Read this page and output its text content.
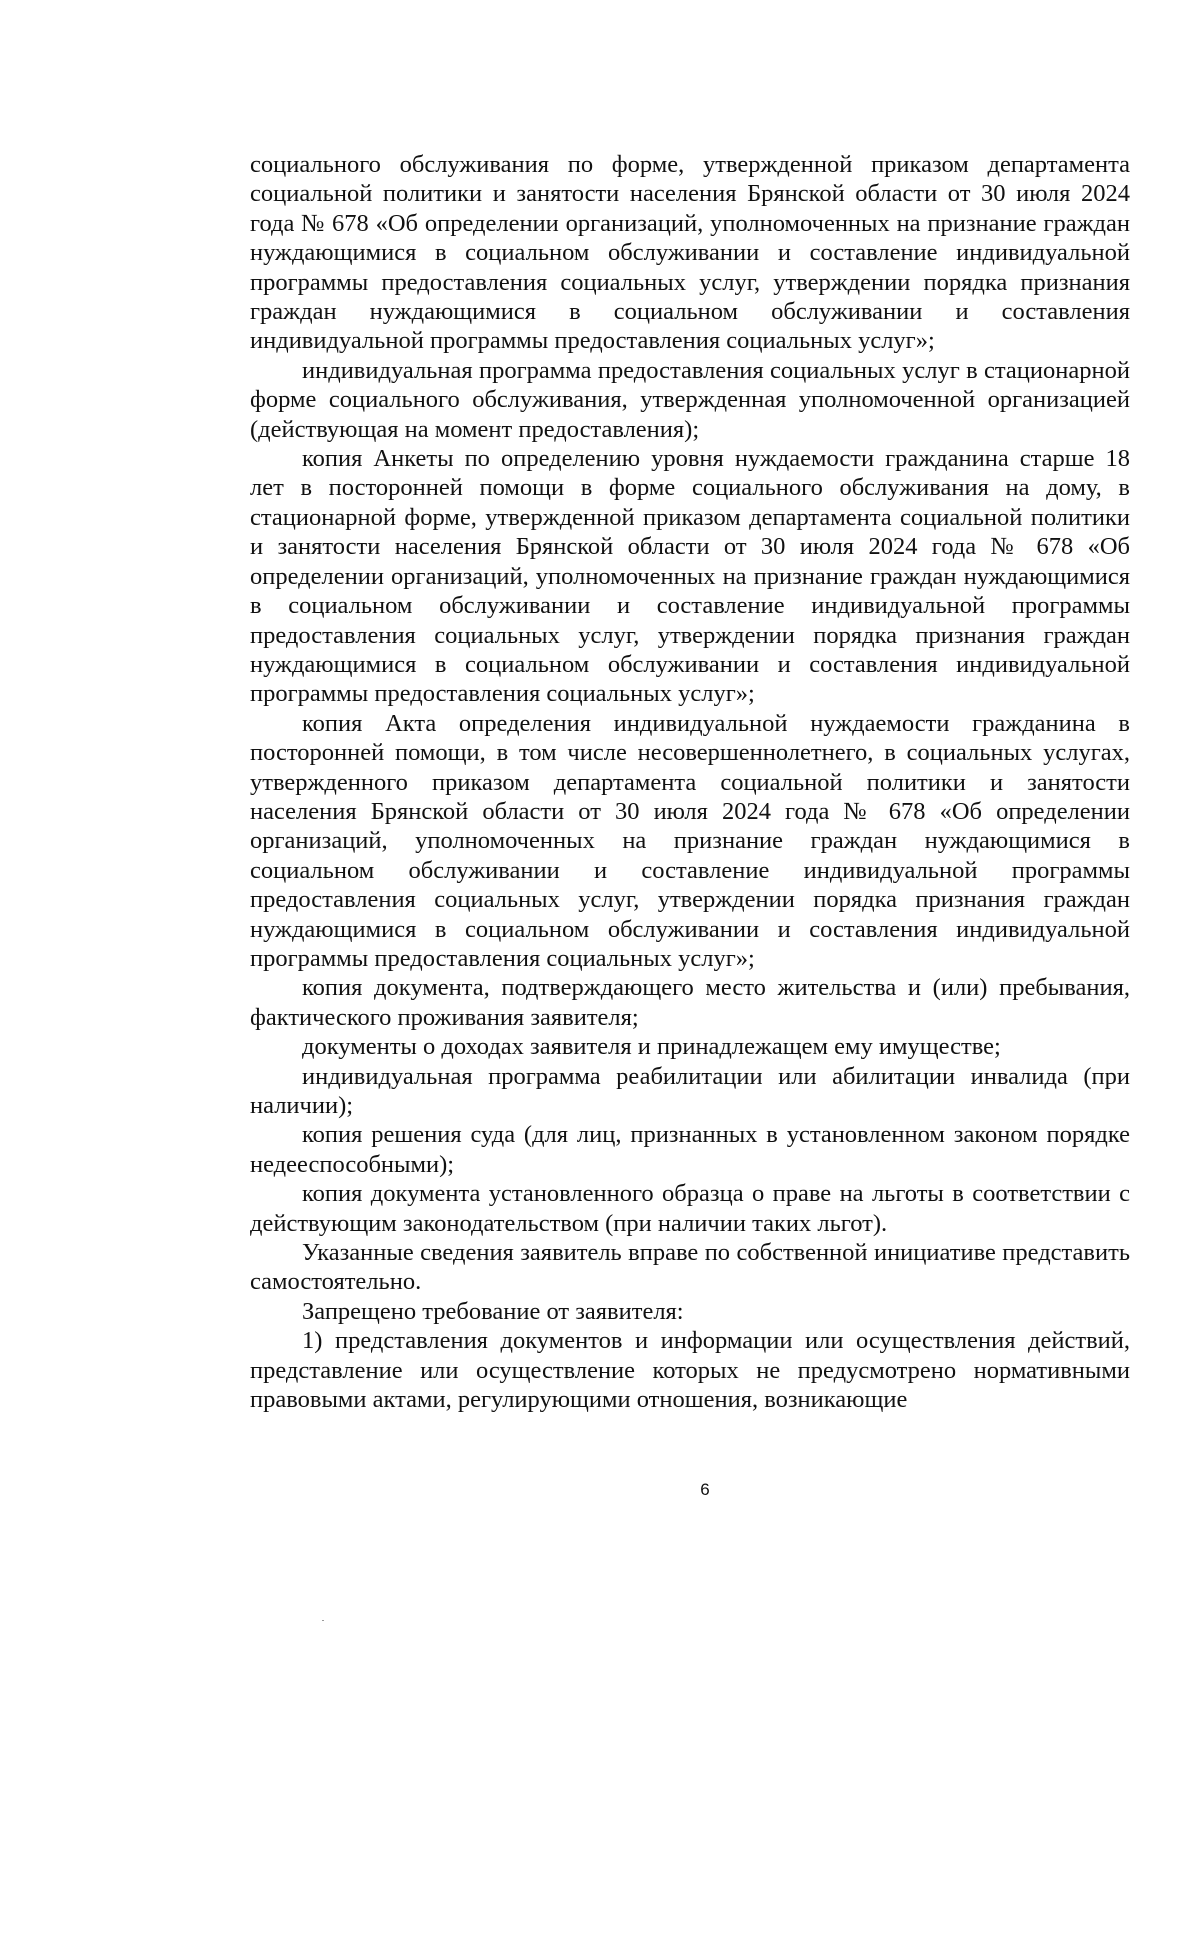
социального обслуживания по форме, утвержденной приказом департамента социальной политики и занятости населения Брянской области от 30 июля 2024 года № 678 «Об определении организаций, уполномоченных на признание граждан нуждающимися в социальном обслуживании и составление индивидуальной программы предоставления социальных услуг, утверждении порядка признания граждан нуждающимися в социальном обслуживании и составления индивидуальной программы предоставления социальных услуг»;

индивидуальная программа предоставления социальных услуг в стационарной форме социального обслуживания, утвержденная уполномоченной организацией (действующая на момент предоставления);

копия Анкеты по определению уровня нуждаемости гражданина старше 18 лет в посторонней помощи в форме социального обслуживания на дому, в стационарной форме, утвержденной приказом департамента социальной политики и занятости населения Брянской области от 30 июля 2024 года № 678 «Об определении организаций, уполномоченных на признание граждан нуждающимися в социальном обслуживании и составление индивидуальной программы предоставления социальных услуг, утверждении порядка признания граждан нуждающимися в социальном обслуживании и составления индивидуальной программы предоставления социальных услуг»;

копия Акта определения индивидуальной нуждаемости гражданина в посторонней помощи, в том числе несовершеннолетнего, в социальных услугах, утвержденного приказом департамента социальной политики и занятости населения Брянской области от 30 июля 2024 года № 678 «Об определении организаций, уполномоченных на признание граждан нуждающимися в социальном обслуживании и составление индивидуальной программы предоставления социальных услуг, утверждении порядка признания граждан нуждающимися в социальном обслуживании и составления индивидуальной программы предоставления социальных услуг»;

копия документа, подтверждающего место жительства и (или) пребывания, фактического проживания заявителя;

документы о доходах заявителя и принадлежащем ему имуществе;

индивидуальная программа реабилитации или абилитации инвалида (при наличии);

копия решения суда (для лиц, признанных в установленном законом порядке недееспособными);

копия документа установленного образца о праве на льготы в соответствии с действующим законодательством (при наличии таких льгот).

Указанные сведения заявитель вправе по собственной инициативе представить самостоятельно.

Запрещено требование от заявителя:

1) представления документов и информации или осуществления действий, представление или осуществление которых не предусмотрено нормативными правовыми актами, регулирующими отношения, возникающие

6
